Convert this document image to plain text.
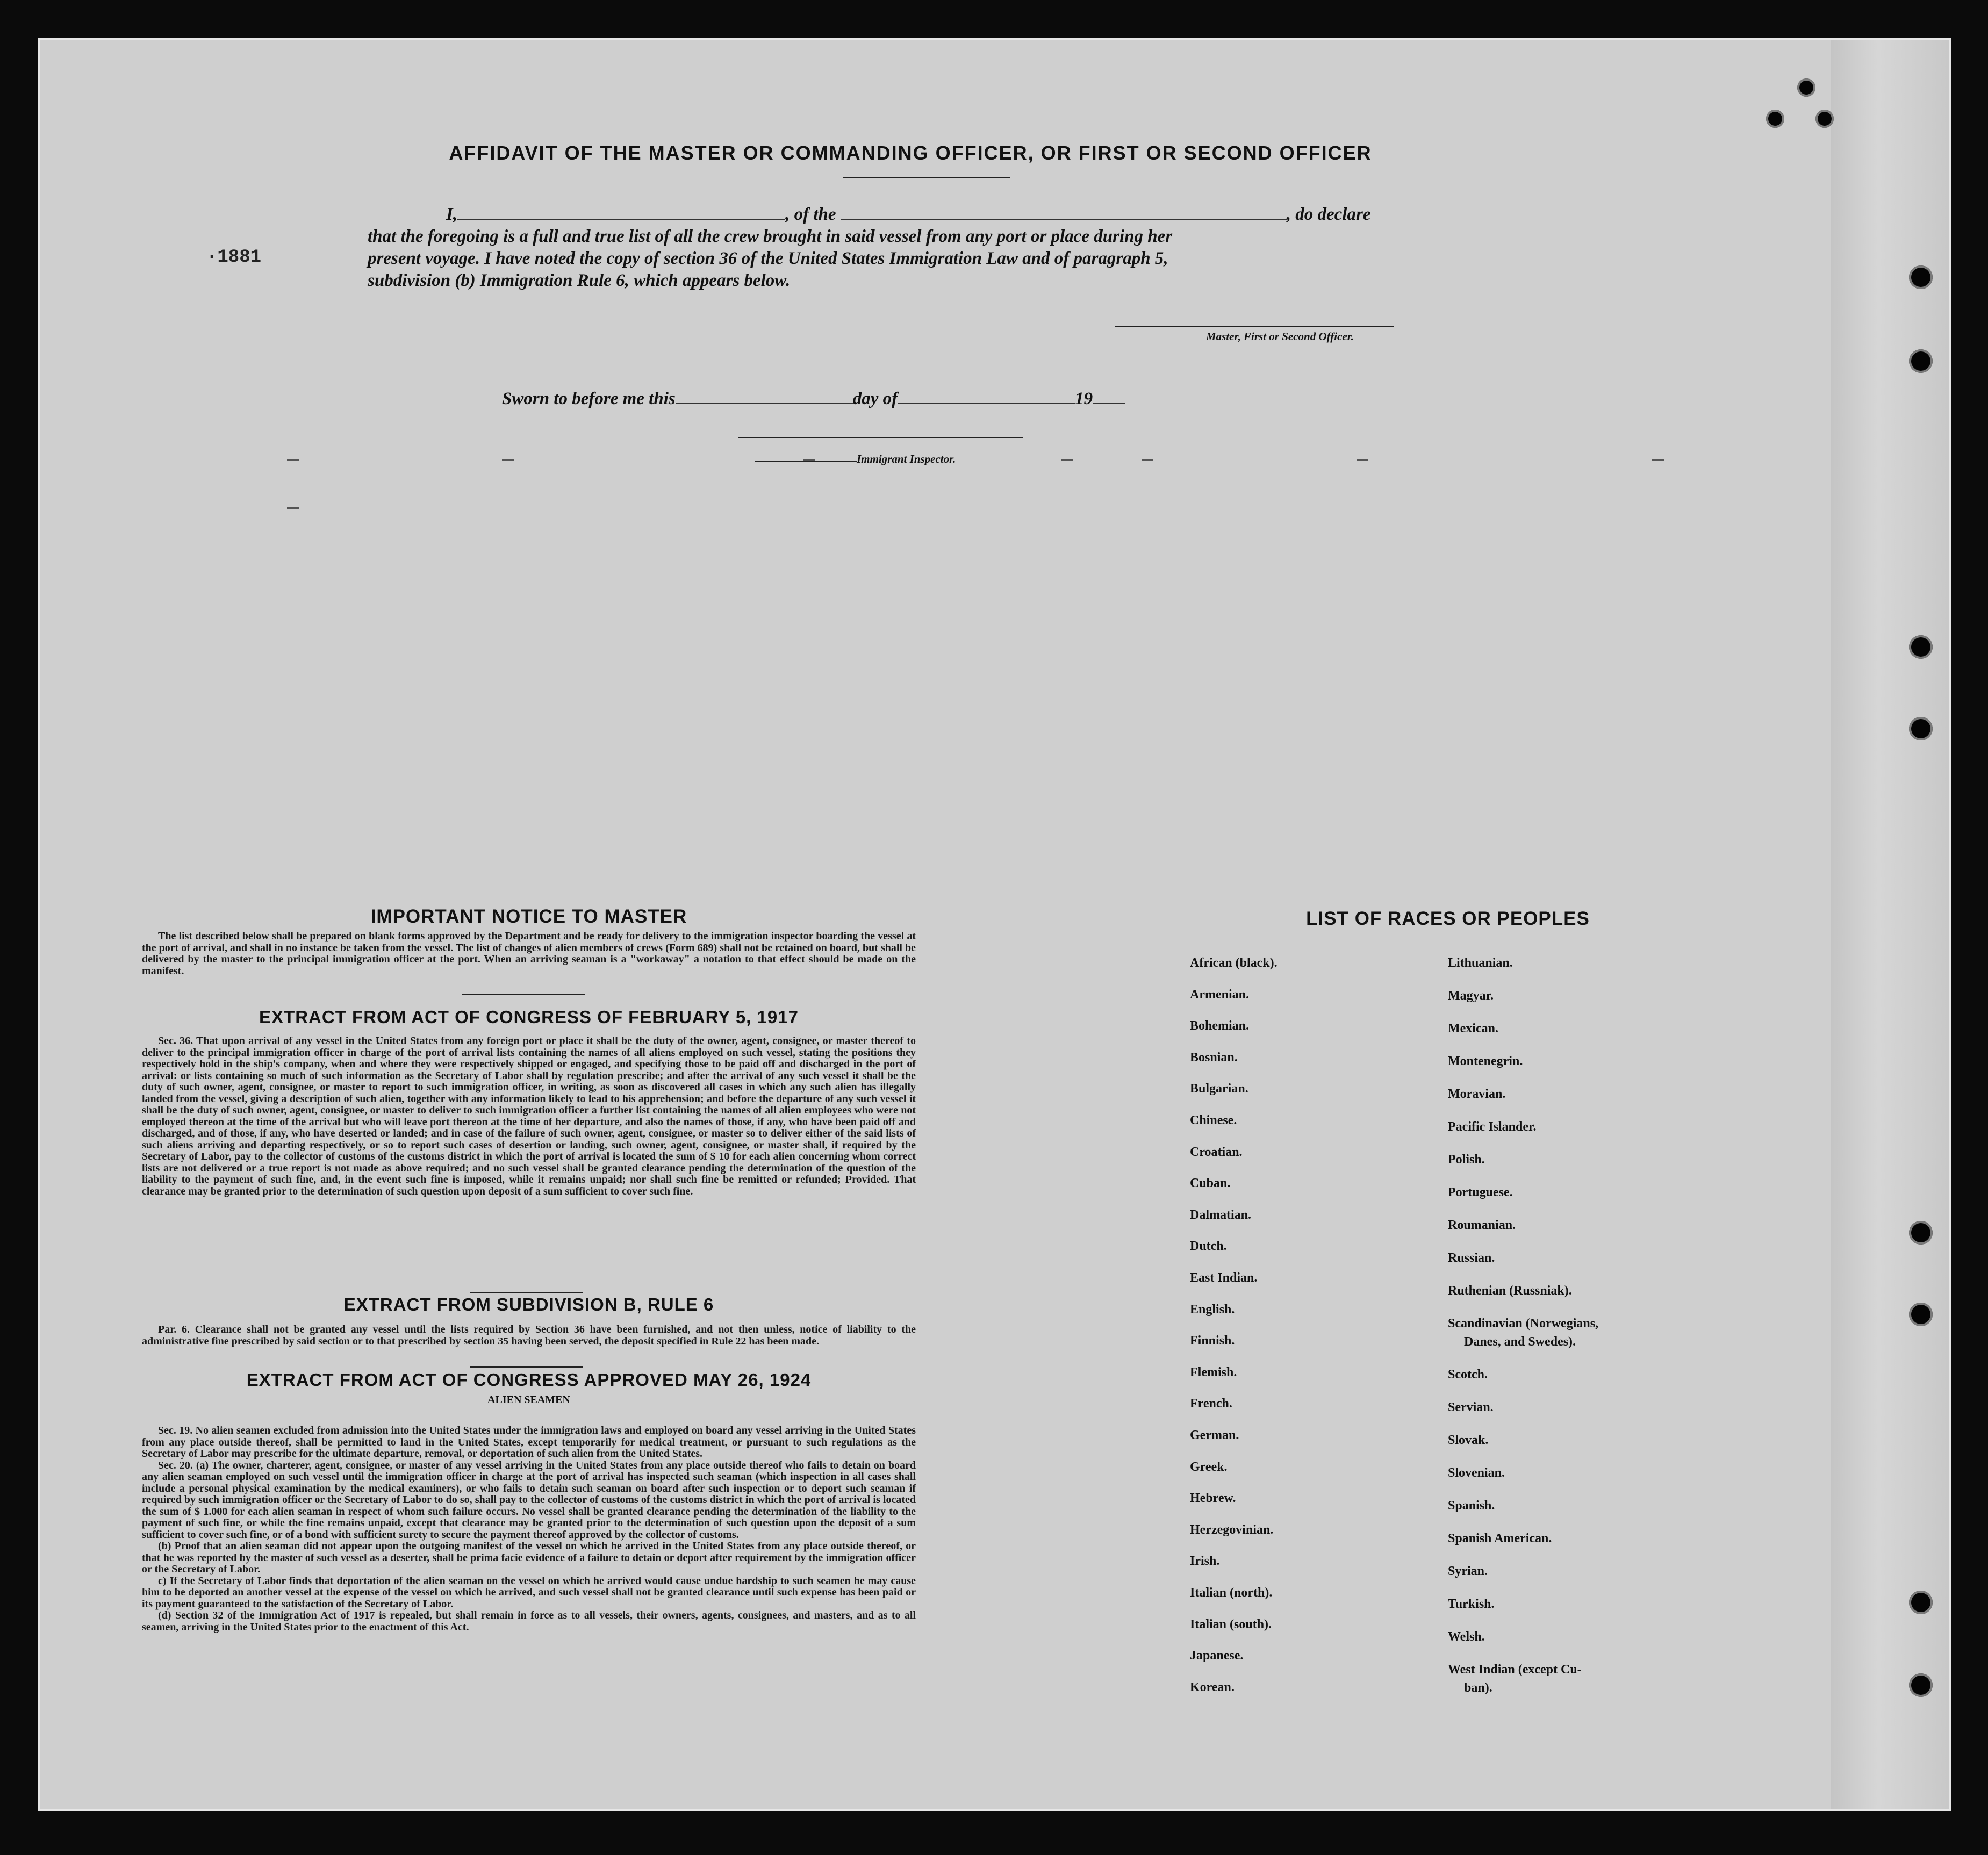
·1881
AFFIDAVIT OF THE MASTER OR COMMANDING OFFICER, OR FIRST OR SECOND OFFICER
I,	, of the	, do declare
that the foregoing is a full and true list of all the crew brought in said vessel from any port or place during her
present voyage. I have noted the copy of section 36 of the United States Immigration Law and of paragraph 5,
subdivision (b) Immigration Rule 6, which appears below.
Master, First or Second Officer.
Sworn to before me this	day of	19
Immigrant Inspector.
IMPORTANT NOTICE TO MASTER

The list described below shall be prepared on blank forms approved by the Department and be ready for delivery to the immigration inspector boarding the vessel at the port of arrival, and shall in no instance be taken from the vessel. The list of changes of alien members of crews (Form 689) shall not be retained on board, but shall be delivered by the master to the principal immigration officer at the port. When an arriving seaman is a "workaway" a notation to that effect should be made on the manifest.

EXTRACT FROM ACT OF CONGRESS OF FEBRUARY 5, 1917

Sec. 36. That upon arrival of any vessel in the United States from any foreign port or place it shall be the duty of the owner, agent, consignee, or master thereof to deliver to the principal immigration officer in charge of the port of arrival lists containing the names of all aliens employed on such vessel, stating the positions they respectively hold in the ship's company, when and where they were respectively shipped or engaged, and specifying those to be paid off and discharged in the port of arrival: or lists containing so much of such information as the Secretary of Labor shall by regulation prescribe; and after the arrival of any such vessel it shall be the duty of such owner, agent, consignee, or master to report to such immigration officer, in writing, as soon as discovered all cases in which any such alien has illegally landed from the vessel, giving a description of such alien, together with any information likely to lead to his apprehension; and before the departure of any such vessel it shall be the duty of such owner, agent, consignee, or master to deliver to such immigration officer a further list containing the names of all alien employees who were not employed thereon at the time of the arrival but who will leave port thereon at the time of her departure, and also the names of those, if any, who have been paid off and discharged, and of those, if any, who have deserted or landed; and in case of the failure of such owner, agent, consignee, or master so to deliver either of the said lists of such aliens arriving and departing respectively, or so to report such cases of desertion or landing, such owner, agent, consignee, or master shall, if required by the Secretary of Labor, pay to the collector of customs of the customs district in which the port of arrival is located the sum of $ 10 for each alien concerning whom correct lists are not delivered or a true report is not made as above required; and no such vessel shall be granted clearance pending the determination of the question of the liability to the payment of such fine, and, in the event such fine is imposed, while it remains unpaid; nor shall such fine be remitted or refunded; Provided. That clearance may be granted prior to the determination of such question upon deposit of a sum sufficient to cover such fine.

EXTRACT FROM SUBDIVISION B, RULE 6

Par. 6. Clearance shall not be granted any vessel until the lists required by Section 36 have been furnished, and not then unless, notice of liability to the administrative fine prescribed by said section or to that prescribed by section 35 having been served, the deposit specified in Rule 22 has been made.

EXTRACT FROM ACT OF CONGRESS APPROVED MAY 26, 1924
ALIEN SEAMEN

Sec. 19. No alien seamen excluded from admission into the United States under the immigration laws and employed on board any vessel arriving in the United States from any place outside thereof, shall be permitted to land in the United States, except temporarily for medical treatment, or pursuant to such regulations as the Secretary of Labor may prescribe for the ultimate departure, removal, or deportation of such alien from the United States.

Sec. 20. (a) The owner, charterer, agent, consignee, or master of any vessel arriving in the United States from any place outside thereof who fails to detain on board any alien seaman employed on such vessel until the immigration officer in charge at the port of arrival has inspected such seaman (which inspection in all cases shall include a personal physical examination by the medical examiners), or who fails to detain such seaman on board after such inspection or to deport such seaman if required by such immigration officer or the Secretary of Labor to do so, shall pay to the collector of customs of the customs district in which the port of arrival is located the sum of $ 1.000 for each alien seaman in respect of whom such failure occurs. No vessel shall be granted clearance pending the determination of the liability to the payment of such fine, or while the fine remains unpaid, except that clearance may be granted prior to the determination of such question upon the deposit of a sum sufficient to cover such fine, or of a bond with sufficient surety to secure the payment thereof approved by the collector of customs.

(b) Proof that an alien seaman did not appear upon the outgoing manifest of the vessel on which he arrived in the United States from any place outside thereof, or that he was reported by the master of such vessel as a deserter, shall be prima facie evidence of a failure to detain or deport after requirement by the immigration officer or the Secretary of Labor.

c) If the Secretary of Labor finds that deportation of the alien seaman on the vessel on which he arrived would cause undue hardship to such seamen he may cause him to be deported an another vessel at the expense of the vessel on which he arrived, and such vessel shall not be granted clearance until such expense has been paid or its payment guaranteed to the satisfaction of the Secretary of Labor.

(d) Section 32 of the Immigration Act of 1917 is repealed, but shall remain in force as to all vessels, their owners, agents, consignees, and masters, and as to all seamen, arriving in the United States prior to the enactment of this Act.

LIST OF RACES OR PEOPLES
African (black).
Armenian.
Bohemian.
Bosnian.
Bulgarian.
Chinese.
Croatian.
Cuban.
Dalmatian.
Dutch.
East Indian.
English.
Finnish.
Flemish.
French.
German.
Greek.
Hebrew.
Herzegovinian.
Irish.
Italian (north).
Italian (south).
Japanese.
Korean.
Lithuanian.
Magyar.
Mexican.
Montenegrin.
Moravian.
Pacific Islander.
Polish.
Portuguese.
Roumanian.
Russian.
Ruthenian (Russniak).
Scandinavian (Norwegians,
Danes, and Swedes).
Scotch.
Servian.
Slovak.
Slovenian.
Spanish.
Spanish American.
Syrian.
Turkish.
Welsh.
West Indian (except Cu-
ban).
